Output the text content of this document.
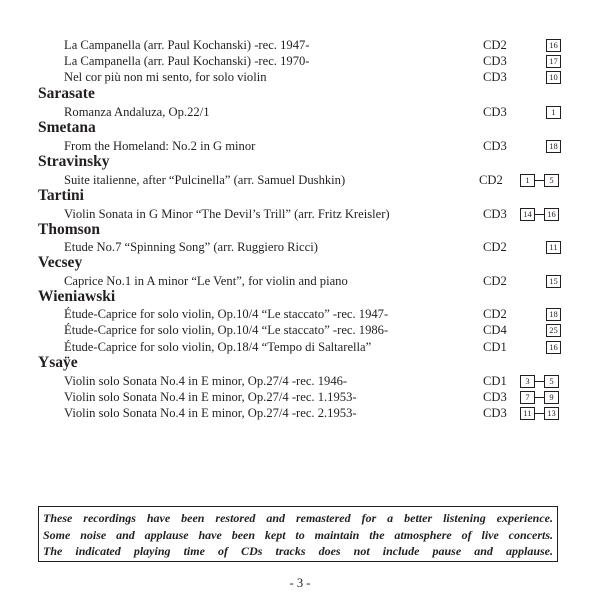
La Campanella (arr. Paul Kochanski) -rec. 1947-	CD2	16
La Campanella (arr. Paul Kochanski) -rec. 1970-	CD3	17
Nel cor più non mi sento, for solo violin	CD3	10
Sarasate
Romanza Andaluza, Op.22/1	CD3	1
Smetana
From the Homeland: No.2 in G minor	CD3	18
Stravinsky
Suite italienne, after “Pulcinella” (arr. Samuel Dushkin)	CD2	1	5
Tartini
Violin Sonata in G Minor “The Devil’s Trill” (arr. Fritz Kreisler)	CD3	14	16
Thomson
Etude No.7 “Spinning Song” (arr. Ruggiero Ricci)	CD2	11
Vecsey
Caprice No.1 in A minor “Le Vent”, for violin and piano	CD2	15
Wieniawski
Étude-Caprice for solo violin, Op.10/4 “Le staccato” -rec. 1947-	CD2	18
Étude-Caprice for solo violin, Op.10/4 “Le staccato” -rec. 1986-	CD4	25
Étude-Caprice for solo violin, Op.18/4 “Tempo di Saltarella”	CD1	16
Ysaÿe
Violin solo Sonata No.4 in E minor, Op.27/4 -rec. 1946-	CD1	3	5
Violin solo Sonata No.4 in E minor, Op.27/4 -rec. 1.1953-	CD3	7	9
Violin solo Sonata No.4 in E minor, Op.27/4 -rec. 2.1953-	CD3	11	13
These recordings have been restored and remastered for a better listening experience.
Some noise and applause have been kept to maintain the atmosphere of live concerts.
The indicated playing time of CDs tracks does not include pause and applause.
- 3 -
